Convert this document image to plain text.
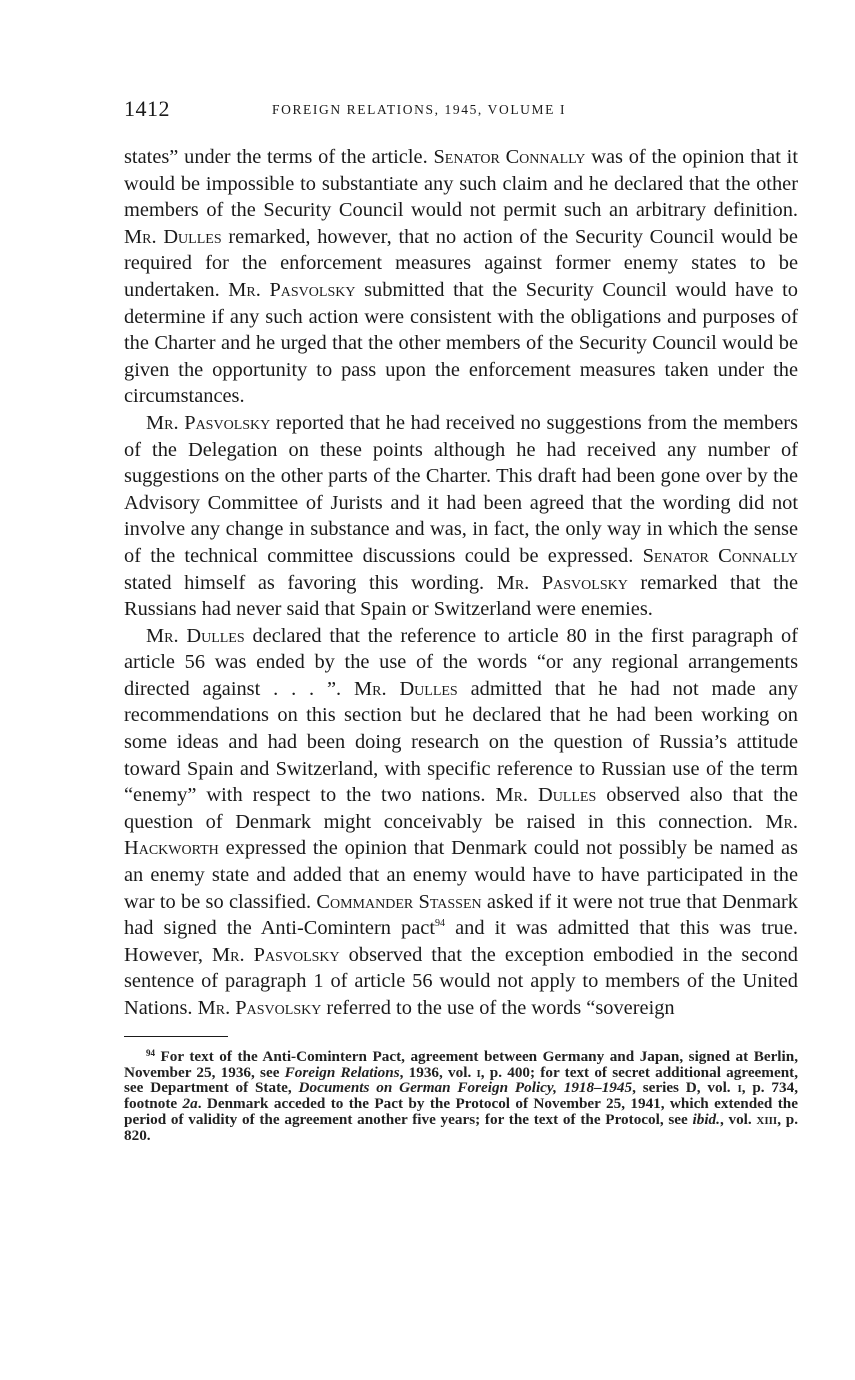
1412	FOREIGN RELATIONS, 1945, VOLUME I

states” under the terms of the article. Senator Connally was of the opinion that it would be impossible to substantiate any such claim and he declared that the other members of the Security Council would not permit such an arbitrary definition. Mr. Dulles remarked, however, that no action of the Security Council would be required for the enforcement measures against former enemy states to be undertaken. Mr. Pasvolsky submitted that the Security Council would have to determine if any such action were consistent with the obligations and purposes of the Charter and he urged that the other members of the Security Council would be given the opportunity to pass upon the enforcement measures taken under the circumstances.

Mr. Pasvolsky reported that he had received no suggestions from the members of the Delegation on these points although he had received any number of suggestions on the other parts of the Charter. This draft had been gone over by the Advisory Committee of Jurists and it had been agreed that the wording did not involve any change in substance and was, in fact, the only way in which the sense of the technical committee discussions could be expressed. Senator Connally stated himself as favoring this wording. Mr. Pasvolsky remarked that the Russians had never said that Spain or Switzerland were enemies.

Mr. Dulles declared that the reference to article 80 in the first paragraph of article 56 was ended by the use of the words “or any regional arrangements directed against . . . ”. Mr. Dulles admitted that he had not made any recommendations on this section but he declared that he had been working on some ideas and had been doing research on the question of Russia’s attitude toward Spain and Switzerland, with specific reference to Russian use of the term “enemy” with respect to the two nations. Mr. Dulles observed also that the question of Denmark might conceivably be raised in this connection. Mr. Hackworth expressed the opinion that Denmark could not possibly be named as an enemy state and added that an enemy would have to have participated in the war to be so classified. Commander Stassen asked if it were not true that Denmark had signed the Anti-Comintern pact$^{94}$ and it was admitted that this was true. However, Mr. Pasvolsky observed that the exception embodied in the second sentence of paragraph 1 of article 56 would not apply to members of the United Nations. Mr. Pasvolsky referred to the use of the words “sovereign

$^{94}$ For text of the Anti-Comintern Pact, agreement between Germany and Japan, signed at Berlin, November 25, 1936, see Foreign Relations, 1936, vol. i, p. 400; for text of secret additional agreement, see Department of State, Documents on German Foreign Policy, 1918–1945, series D, vol. i, p. 734, footnote 2a. Denmark acceded to the Pact by the Protocol of November 25, 1941, which extended the period of validity of the agreement another five years; for the text of the Protocol, see ibid., vol. xiii, p. 820.
